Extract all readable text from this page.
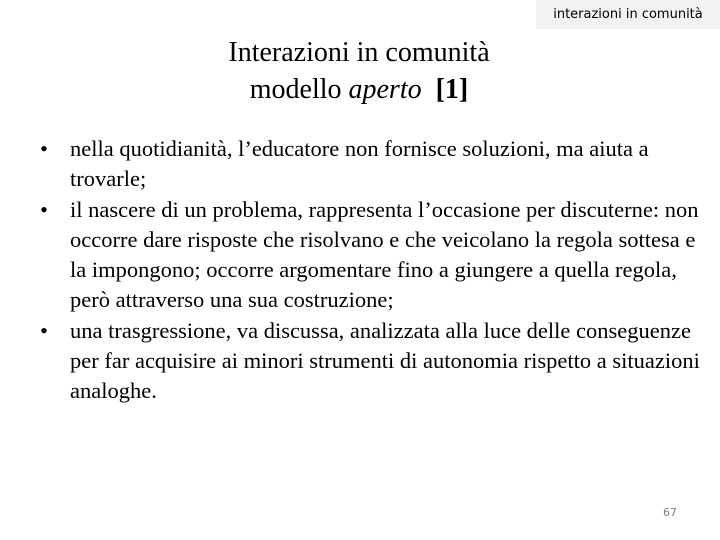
interazioni in comunità
Interazioni in comunità
modello aperto [1]
• nella quotidianità, l’educatore non fornisce soluzioni, ma aiuta a trovarle;
• il nascere di un problema, rappresenta l’occasione per discuterne: non occorre dare risposte che risolvano e che veicolano la regola sottesa e la impongono; occorre argomentare fino a giungere a quella regola, però attraverso una sua costruzione;
• una trasgressione, va discussa, analizzata alla luce delle conseguenze per far acquisire ai minori strumenti di autonomia rispetto a situazioni analoghe.
67
